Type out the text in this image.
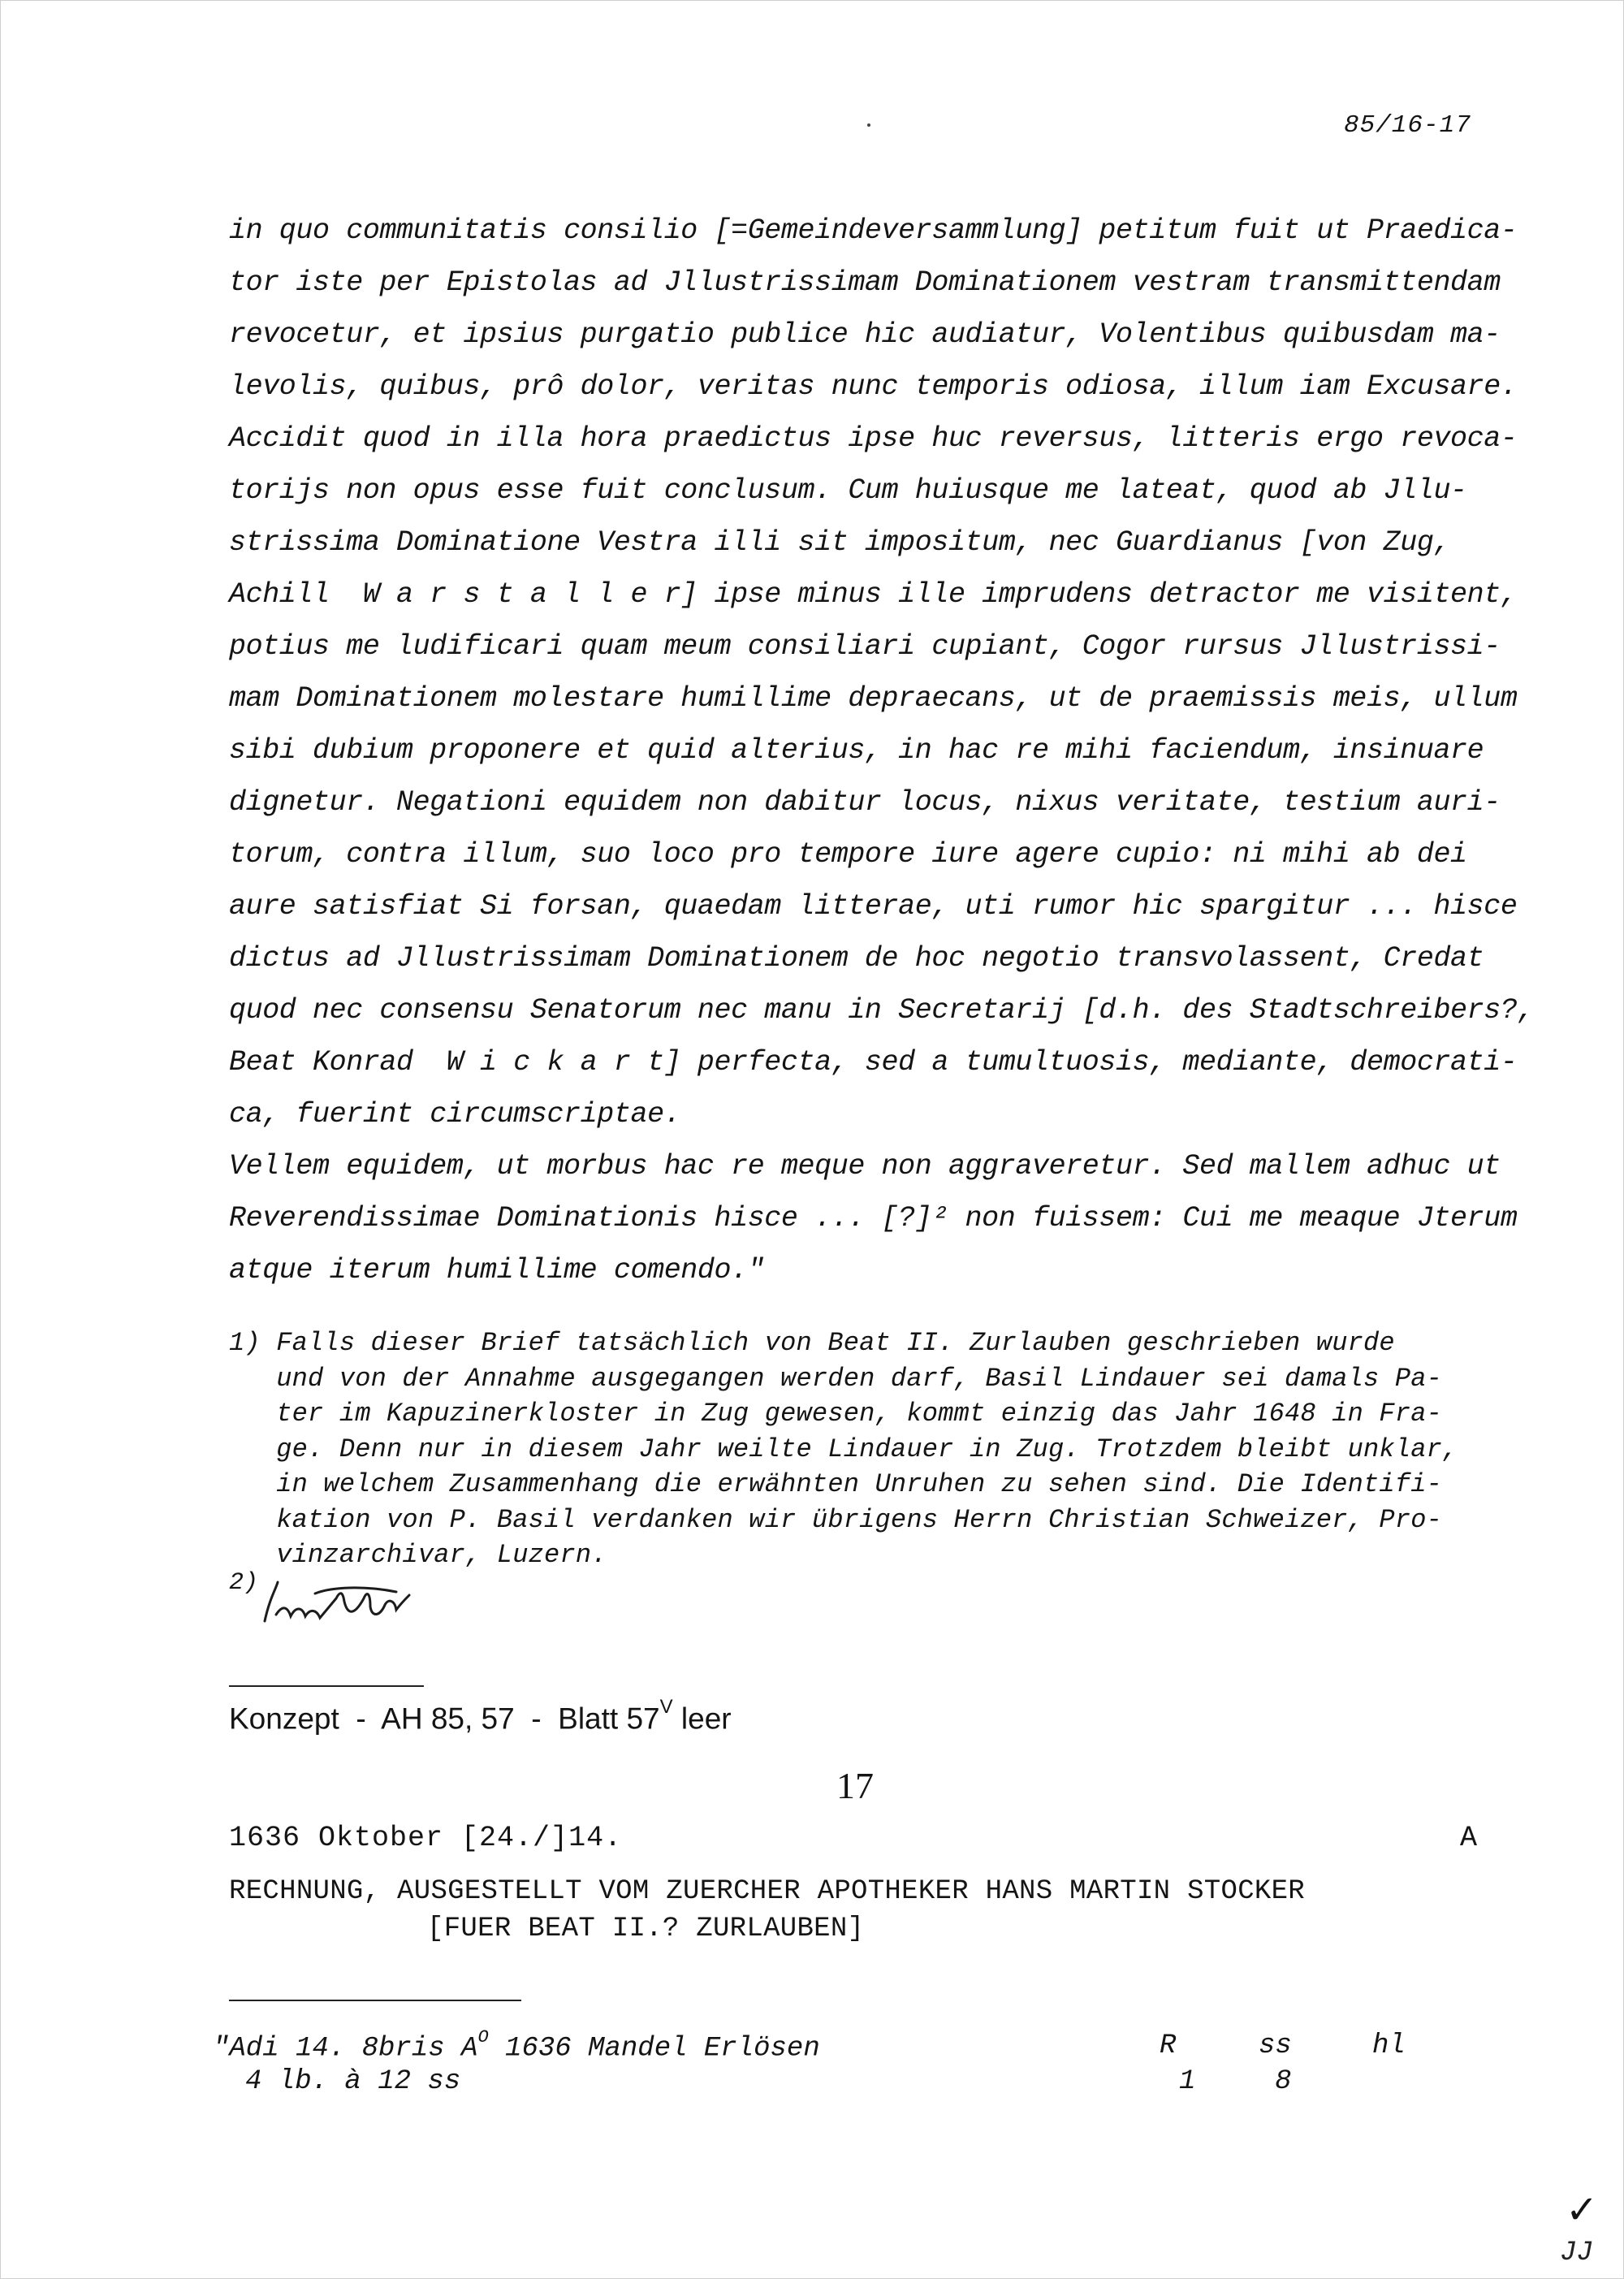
85/16-17
in quo communitatis consilio [=Gemeindeversammlung] petitum fuit ut Praedica-
tor iste per Epistolas ad Jllustrissimam Dominationem vestram transmittendam
revocetur, et ipsius purgatio publice hic audiatur, Volentibus quibusdam ma-
levolis, quibus, prô dolor, veritas nunc temporis odiosa, illum iam Excusare.
Accidit quod in illa hora praedictus ipse huc reversus, litteris ergo revoca-
torijs non opus esse fuit conclusum. Cum huiusque me lateat, quod ab Jllu-
strissima Dominatione Vestra illi sit impositum, nec Guardianus [von Zug,
Achill  W a r s t a l l e r] ipse minus ille imprudens detractor me visitent,
potius me ludificari quam meum consiliari cupiant, Cogor rursus Jllustrissi-
mam Dominationem molestare humillime depraecans, ut de praemissis meis, ullum
sibi dubium proponere et quid alterius, in hac re mihi faciendum, insinuare
dignetur. Negationi equidem non dabitur locus, nixus veritate, testium auri-
torum, contra illum, suo loco pro tempore iure agere cupio: ni mihi ab dei
aure satisfiat Si forsan, quaedam litterae, uti rumor hic spargitur ... hisce
dictus ad Jllustrissimam Dominationem de hoc negotio transvolassent, Credat
quod nec consensu Senatorum nec manu in Secretarij [d.h. des Stadtschreibers?,
Beat Konrad  W i c k a r t] perfecta, sed a tumultuosis, mediante, democrati-
ca, fuerint circumscriptae.
Vellem equidem, ut morbus hac re meque non aggraveretur. Sed mallem adhuc ut
Reverendissimae Dominationis hisce ... [?]² non fuissem: Cui me meaque Jterum
atque iterum humillime comendo."
1) Falls dieser Brief tatsächlich von Beat II. Zurlauben geschrieben wurde
und von der Annahme ausgegangen werden darf, Basil Lindauer sei damals Pa-
ter im Kapuzinerkloster in Zug gewesen, kommt einzig das Jahr 1648 in Fra-
ge. Denn nur in diesem Jahr weilte Lindauer in Zug. Trotzdem bleibt unklar,
in welchem Zusammenhang die erwähnten Unruhen zu sehen sind. Die Identifi-
kation von P. Basil verdanken wir übrigens Herrn Christian Schweizer, Pro-
vinzarchivar, Luzern.
2)
Konzept  -  AH 85, 57  -  Blatt $57^V$ leer
17
1636 Oktober [24./]14.	A
RECHNUNG, AUSGESTELLT VOM ZUERCHER APOTHEKER HANS MARTIN STOCKER
[FUER BEAT II.? ZURLAUBEN]
"Adi 14. 8bris $A^O$ 1636 Mandel Erlösen	R	ss	hl
4 lb. à 12 ss	1	8
✓
JJ
